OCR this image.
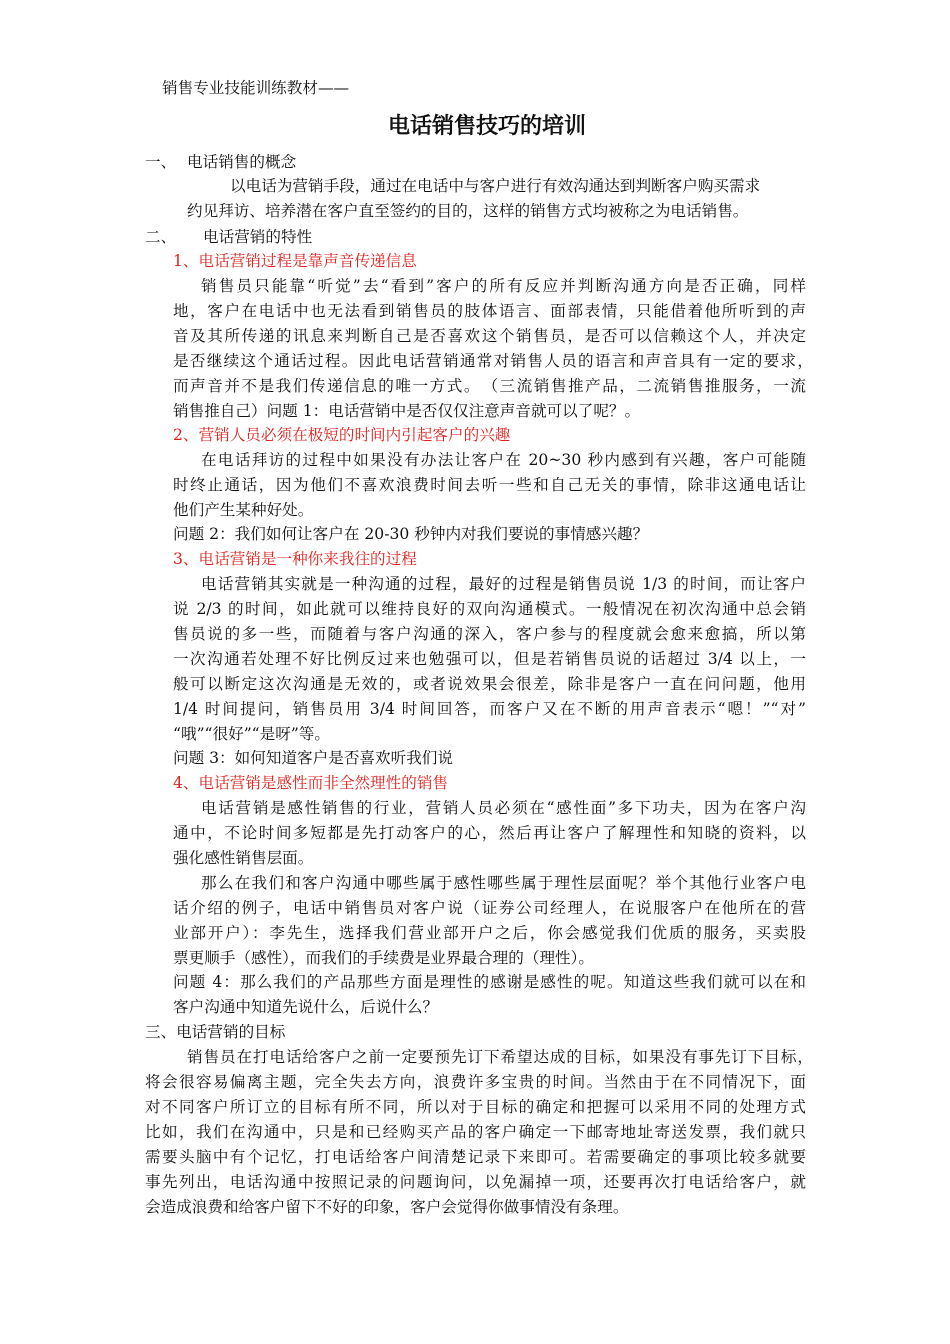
销售专业技能训练教材——
电话销售技巧的培训
一、 电话销售的概念
以电话为营销手段，通过在电话中与客户进行有效沟通达到判断客户购买需求
约见拜访、培养潜在客户直至签约的目的，这样的销售方式均被称之为电话销售。
二、 电话营销的特性
1、电话营销过程是靠声音传递信息
销售员只能靠“听觉”去“看到”客户的所有反应并判断沟通方向是否正确，同样
地，客户在电话中也无法看到销售员的肢体语言、面部表情，只能借着他所听到的声
音及其所传递的讯息来判断自己是否喜欢这个销售员，是否可以信赖这个人，并决定
是否继续这个通话过程。因此电话营销通常对销售人员的语言和声音具有一定的要求，
而声音并不是我们传递信息的唯一方式。　（三流销售推产品，二流销售推服务，一流
销售推自己）问题 1：电话营销中是否仅仅注意声音就可以了呢？。
2、营销人员必须在极短的时间内引起客户的兴趣
在电话拜访的过程中如果没有办法让客户在 20~30 秒内感到有兴趣，客户可能随
时终止通话，因为他们不喜欢浪费时间去听一些和自己无关的事情，除非这通电话让
他们产生某种好处。
问题 2：我们如何让客户在 20-30 秒钟内对我们要说的事情感兴趣？
3、电话营销是一种你来我往的过程
电话营销其实就是一种沟通的过程，最好的过程是销售员说 1/3 的时间，而让客户
说 2/3 的时间，如此就可以维持良好的双向沟通模式。一般情况在初次沟通中总会销
售员说的多一些，而随着与客户沟通的深入，客户参与的程度就会愈来愈搞，所以第
一次沟通若处理不好比例反过来也勉强可以，但是若销售员说的话超过 3/4 以上，一
般可以断定这次沟通是无效的，或者说效果会很差，除非是客户一直在问问题，他用
1/4 时间提问，销售员用 3/4 时间回答，而客户又在不断的用声音表示“嗯！”“对”
“哦”“很好”“是呀”等。
问题 3：如何知道客户是否喜欢听我们说
4、电话营销是感性而非全然理性的销售
电话营销是感性销售的行业，营销人员必须在“感性面”多下功夫，因为在客户沟
通中，不论时间多短都是先打动客户的心，然后再让客户了解理性和知晓的资料，以
强化感性销售层面。
那么在我们和客户沟通中哪些属于感性哪些属于理性层面呢？举个其他行业客户电
话介绍的例子，电话中销售员对客户说（证券公司经理人，在说服客户在他所在的营
业部开户）：李先生，选择我们营业部开户之后，你会感觉我们优质的服务，买卖股
票更顺手（感性），而我们的手续费是业界最合理的（理性）。
问题 4：那么我们的产品那些方面是理性的感谢是感性的呢。知道这些我们就可以在和
客户沟通中知道先说什么，后说什么？
三、电话营销的目标
销售员在打电话给客户之前一定要预先订下希望达成的目标，如果没有事先订下目标，
将会很容易偏离主题，完全失去方向，浪费许多宝贵的时间。当然由于在不同情况下，面
对不同客户所订立的目标有所不同，所以对于目标的确定和把握可以采用不同的处理方式
比如，我们在沟通中，只是和已经购买产品的客户确定一下邮寄地址寄送发票，我们就只
需要头脑中有个记忆，打电话给客户间清楚记录下来即可。若需要确定的事项比较多就要
事先列出，电话沟通中按照记录的问题询问，以免漏掉一项，还要再次打电话给客户，就
会造成浪费和给客户留下不好的印象，客户会觉得你做事情没有条理。
